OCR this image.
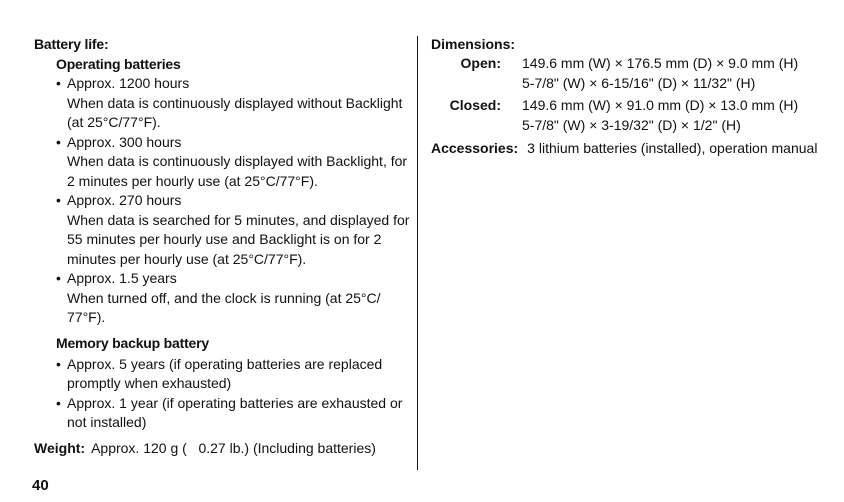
Battery life:
Operating batteries
• Approx. 1200 hours
When data is continuously displayed without Backlight
(at 25°C/77°F).
• Approx. 300 hours
When data is continuously displayed with Backlight, for
2 minutes per hourly use (at 25°C/77°F).
• Approx. 270 hours
When data is searched for 5 minutes, and displayed for
55 minutes per hourly use and Backlight is on for 2
minutes per hourly use (at 25°C/77°F).
• Approx. 1.5 years
When turned off, and the clock is running (at 25°C/
77°F).
Memory backup battery
• Approx. 5 years (if operating batteries are replaced
promptly when exhausted)
• Approx. 1 year (if operating batteries are exhausted or
not installed)
Weight: Approx. 120 g (   0.27 lb.) (Including batteries)
Dimensions:
Open: 149.6 mm (W) × 176.5 mm (D) × 9.0 mm (H)
5-7/8" (W) × 6-15/16" (D) × 11/32" (H)
Closed: 149.6 mm (W) × 91.0 mm (D) × 13.0 mm (H)
5-7/8" (W) × 3-19/32" (D) × 1/2" (H)
Accessories: 3 lithium batteries (installed), operation manual
40
